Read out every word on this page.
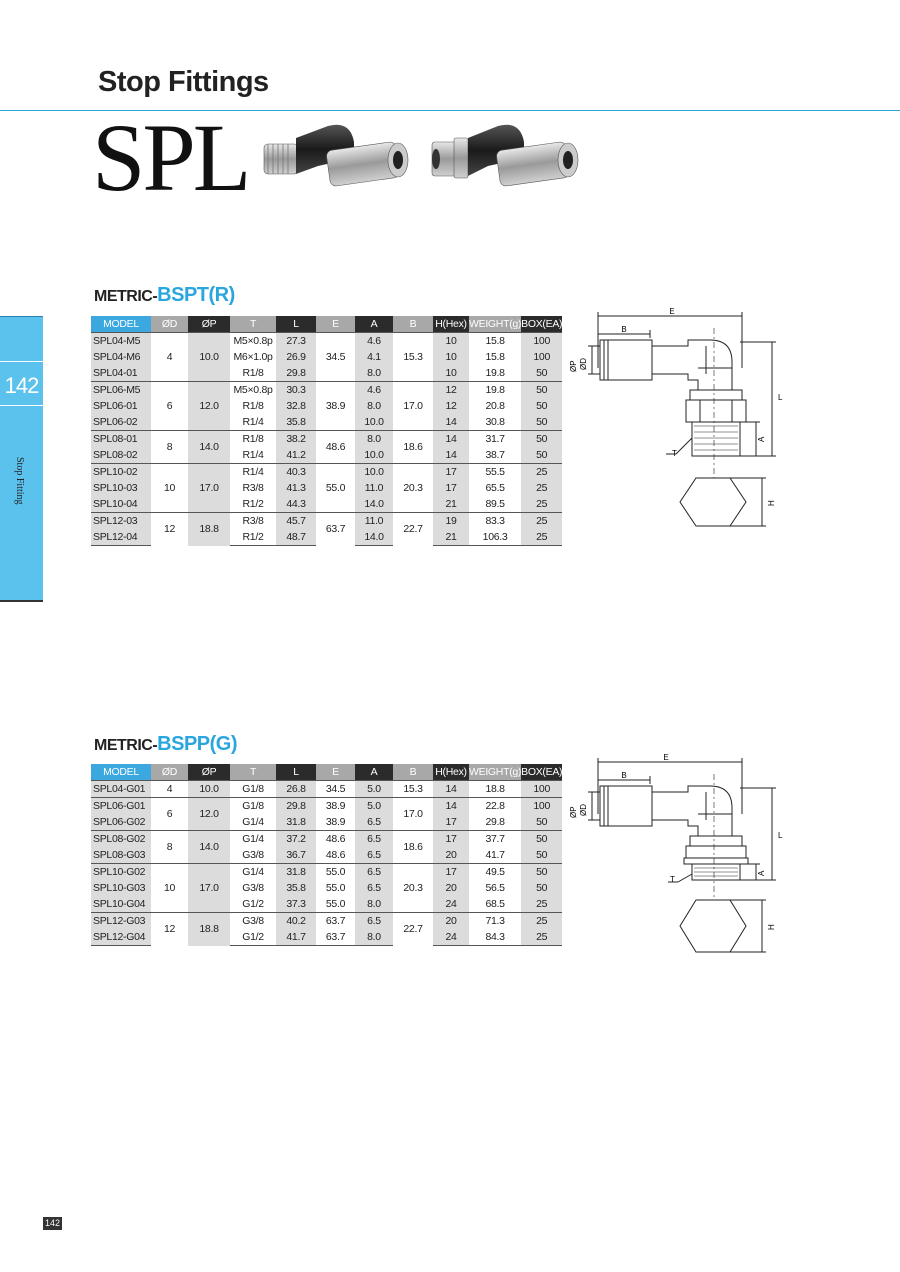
Stop Fittings
SPL
142
Stop Fitting
METRIC-BSPT(R)
MODEL	ØD	ØP	T	L	E	A	B	H(Hex)	WEIGHT(g)	BOX(EA)
SPL04-M5	4	10.0	M5×0.8p	27.3	34.5	4.6	15.3	10	15.8	100
SPL04-M6			M6×1.0p	26.9		4.1		10	15.8	100
SPL04-01			R1/8	29.8		8.0		10	19.8	50
SPL06-M5	6	12.0	M5×0.8p	30.3	38.9	4.6	17.0	12	19.8	50
SPL06-01			R1/8	32.8		8.0		12	20.8	50
SPL06-02			R1/4	35.8		10.0		14	30.8	50
SPL08-01	8	14.0	R1/8	38.2	48.6	8.0	18.6	14	31.7	50
SPL08-02			R1/4	41.2		10.0		14	38.7	50
SPL10-02	10	17.0	R1/4	40.3	55.0	10.0	20.3	17	55.5	25
SPL10-03			R3/8	41.3		11.0		17	65.5	25
SPL10-04			R1/2	44.3		14.0		21	89.5	25
SPL12-03	12	18.8	R3/8	45.7	63.7	11.0	22.7	19	83.3	25
SPL12-04			R1/2	48.7		14.0		21	106.3	25
E
B
ØP ØD
L
A
T
H
METRIC-BSPP(G)
MODEL	ØD	ØP	T	L	E	A	B	H(Hex)	WEIGHT(g)	BOX(EA)
SPL04-G01	4	10.0	G1/8	26.8	34.5	5.0	15.3	14	18.8	100
SPL06-G01	6	12.0	G1/8	29.8	38.9	5.0	17.0	14	22.8	100
SPL06-G02			G1/4	31.8	38.9	6.5		17	29.8	50
SPL08-G02	8	14.0	G1/4	37.2	48.6	6.5	18.6	17	37.7	50
SPL08-G03			G3/8	36.7	48.6	6.5		20	41.7	50
SPL10-G02	10	17.0	G1/4	31.8	55.0	6.5	20.3	17	49.5	50
SPL10-G03			G3/8	35.8	55.0	6.5		20	56.5	50
SPL10-G04			G1/2	37.3	55.0	8.0		24	68.5	25
SPL12-G03	12	18.8	G3/8	40.2	63.7	6.5	22.7	20	71.3	25
SPL12-G04			G1/2	41.7	63.7	8.0		24	84.3	25
E
B
ØP ØD
L
A
T
H
142
